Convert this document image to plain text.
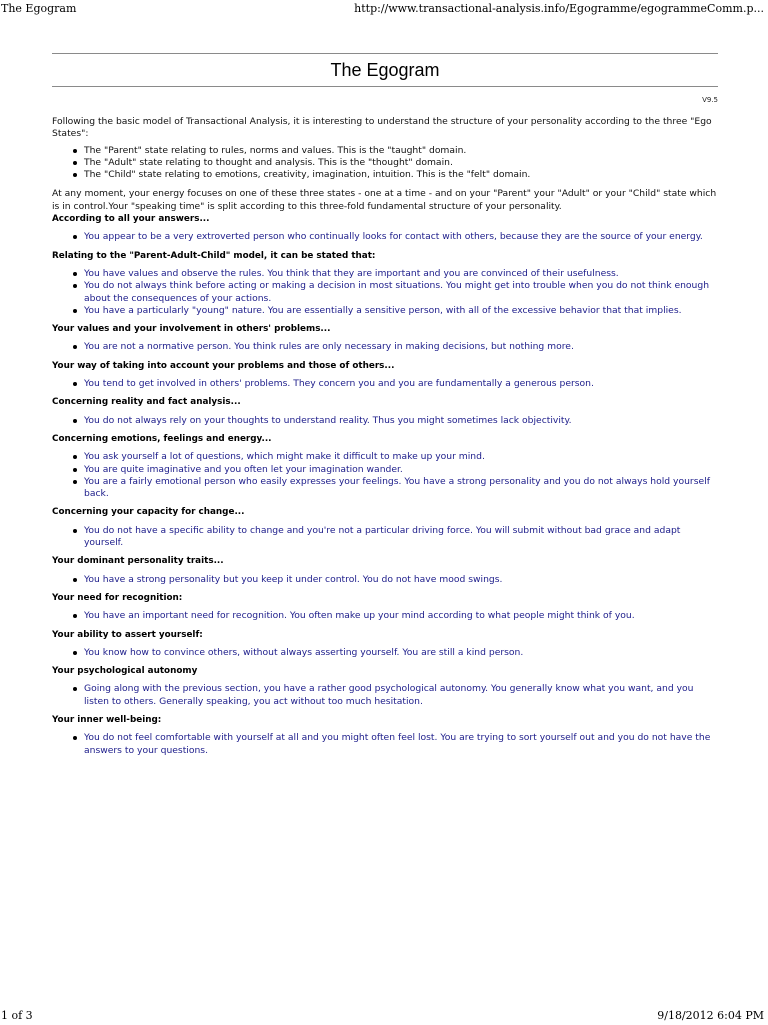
The Egogram	http://www.transactional-analysis.info/Egogramme/egogrammeComm.p...
The Egogram
V9.5

Following the basic model of Transactional Analysis, it is interesting to understand the structure of your personality according to the three "Ego States":

The "Parent" state relating to rules, norms and values. This is the "taught" domain.
The "Adult" state relating to thought and analysis. This is the "thought" domain.
The "Child" state relating to emotions, creativity, imagination, intuition. This is the "felt" domain.

At any moment, your energy focuses on one of these three states - one at a time - and on your "Parent" your "Adult" or your "Child" state which is in control.Your "speaking time" is split according to this three-fold fundamental structure of your personality.

According to all your answers...
You appear to be a very extroverted person who continually looks for contact with others, because they are the source of your energy.
Relating to the "Parent-Adult-Child" model, it can be stated that:
You have values and observe the rules. You think that they are important and you are convinced of their usefulness.
You do not always think before acting or making a decision in most situations. You might get into trouble when you do not think enough about the consequences of your actions.
You have a particularly "young" nature. You are essentially a sensitive person, with all of the excessive behavior that that implies.
Your values and your involvement in others' problems...
You are not a normative person. You think rules are only necessary in making decisions, but nothing more.
Your way of taking into account your problems and those of others...
You tend to get involved in others' problems. They concern you and you are fundamentally a generous person.
Concerning reality and fact analysis...
You do not always rely on your thoughts to understand reality. Thus you might sometimes lack objectivity.
Concerning emotions, feelings and energy...
You ask yourself a lot of questions, which might make it difficult to make up your mind.
You are quite imaginative and you often let your imagination wander.
You are a fairly emotional person who easily expresses your feelings. You have a strong personality and you do not always hold yourself back.
Concerning your capacity for change...
You do not have a specific ability to change and you're not a particular driving force. You will submit without bad grace and adapt yourself.
Your dominant personality traits...
You have a strong personality but you keep it under control. You do not have mood swings.
Your need for recognition:
You have an important need for recognition. You often make up your mind according to what people might think of you.
Your ability to assert yourself:
You know how to convince others, without always asserting yourself. You are still a kind person.
Your psychological autonomy
Going along with the previous section, you have a rather good psychological autonomy. You generally know what you want, and you listen to others. Generally speaking, you act without too much hesitation.
Your inner well-being:
You do not feel comfortable with yourself at all and you might often feel lost. You are trying to sort yourself out and you do not have the answers to your questions.
1 of 3	9/18/2012 6:04 PM
